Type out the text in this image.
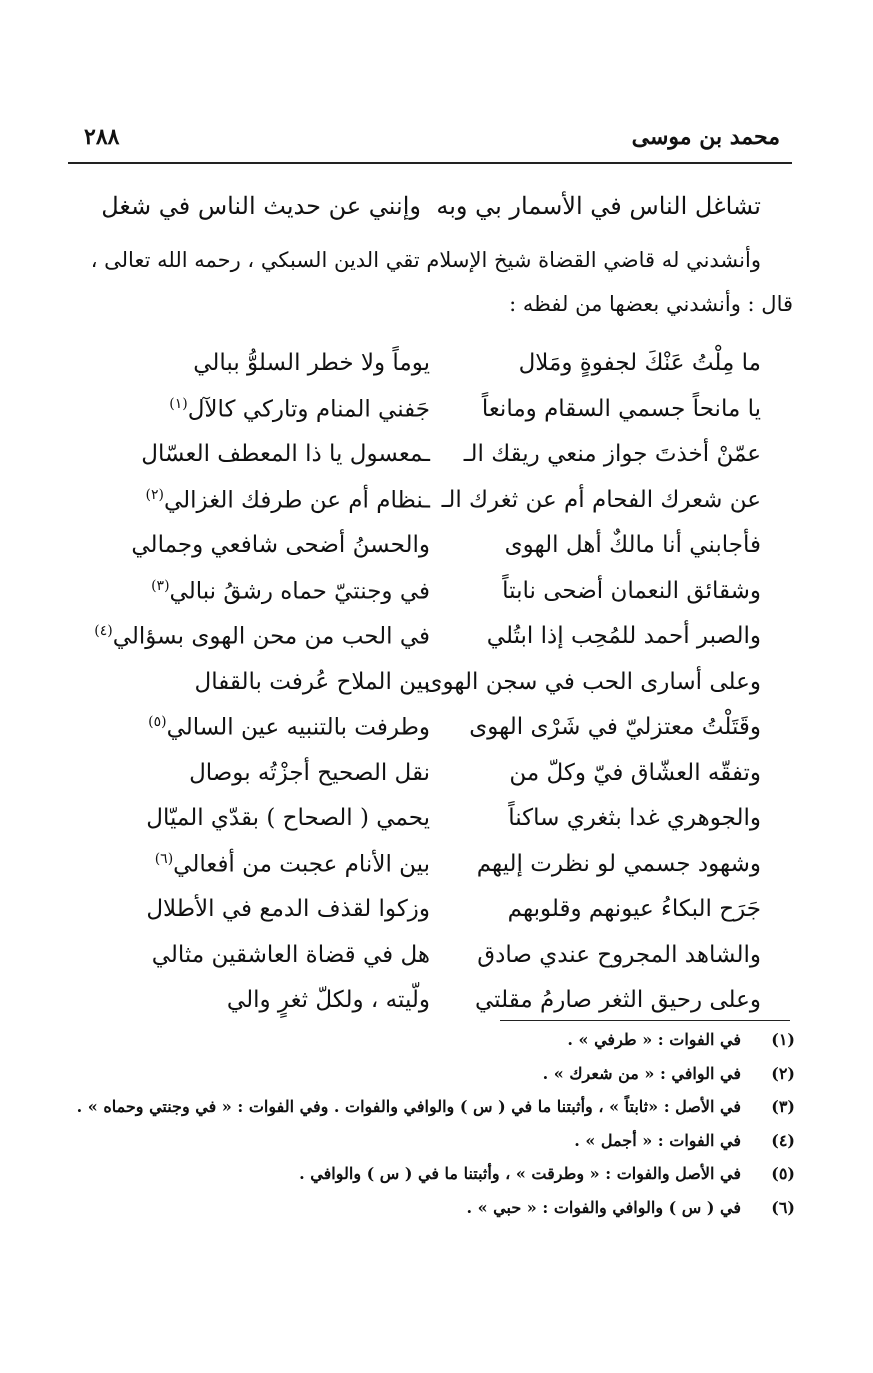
محمد بن موسى
٢٨٨
تشاغل الناس في الأسمار بي وبه
وإنني عن حديث الناس في شغل
وأنشدني له قاضي القضاة شيخ الإسلام تقي الدين السبكي ، رحمه الله تعالى ،
قال : وأنشدني بعضها من لفظه :
ما مِلْتُ عَنْكَ لجفوةٍ ومَلال
يوماً ولا خطر السلوُّ ببالي
يا مانحاً جسمي السقام ومانعاً
جَفني المنام وتاركي كالآل$^{(١)}$
عمّنْ أخذتَ جواز منعي ريقك الـ
ـمعسول يا ذا المعطف العسّال
عن شعرك الفحام أم عن ثغرك الـ
ـنظام أم عن طرفك الغزالي$^{(٢)}$
فأجابني أنا مالكٌ أهل الهوى
والحسنُ أضحى شافعي وجمالي
وشقائق النعمان أضحى نابتاً
في وجنتيّ حماه رشقُ نبالي$^{(٣)}$
والصبر أحمد للمُحِب إذا ابتُلي
في الحب من محن الهوى بسؤالي$^{(٤)}$
وعلى أسارى الحب في سجن الهوى
بين الملاح عُرفت بالقفال
وقَتَلْتُ معتزليّ في شَرْى الهوى
وطرفت بالتنبيه عين السالي$^{(٥)}$
وتفقّه العشّاق فيّ وكلّ من
نقل الصحيح أجزْتُه بوصال
والجوهري غدا بثغري ساكناً
يحمي ( الصحاح ) بقدّي الميّال
وشهود جسمي لو نظرت إليهم
بين الأنام عجبت من أفعالي$^{(٦)}$
جَرَح البكاءُ عيونهم وقلوبهم
وزكوا لقذف الدمع في الأطلال
والشاهد المجروح عندي صادق
هل في قضاة العاشقين مثالي
وعلى رحيق الثغر صارمُ مقلتي
ولّيته ، ولكلّ ثغرٍ والي
(١)في الفوات : « طرفي » .
(٢)في الوافي : « من شعرك » .
(٣)في الأصل : «ثابتاً » ، وأثبتنا ما في ( س ) والوافي والفوات . وفي الفوات : « في وجنتي وحماه » .
(٤)في الفوات : « أجمل » .
(٥)في الأصل والفوات : « وطرقت » ، وأثبتنا ما في ( س ) والوافي .
(٦)في ( س ) والوافي والفوات : « حبي » .
